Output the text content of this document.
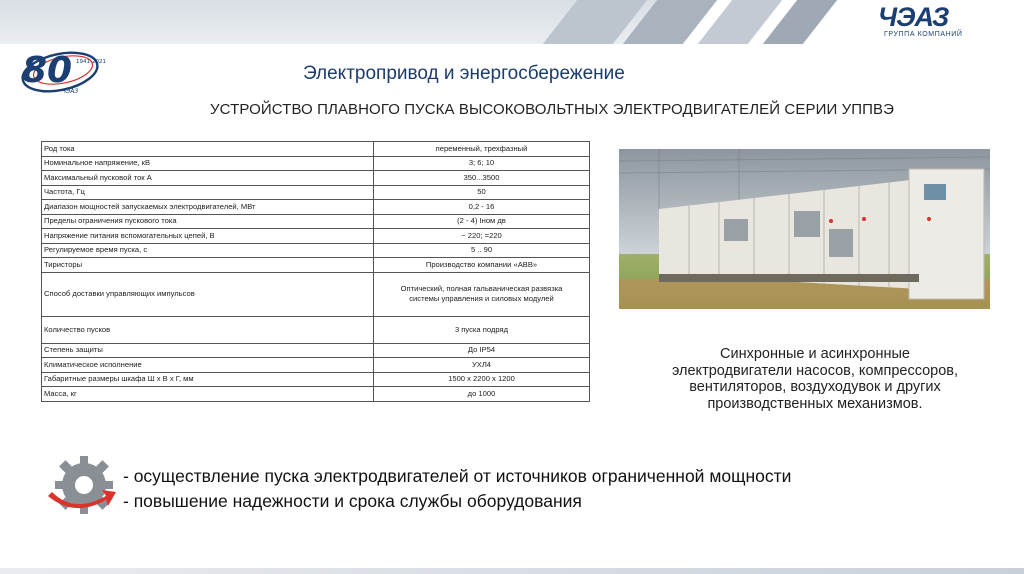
ЧЭАЗ
ГРУППА КОМПАНИЙ
80 1941-2021
ЧЭАЗ
Электропривод и энергосбережение
УСТРОЙСТВО ПЛАВНОГО ПУСКА ВЫСОКОВОЛЬТНЫХ ЭЛЕКТРОДВИГАТЕЛЕЙ СЕРИИ УППВЭ
Род тока	переменный, трехфазный

Номинальное напряжение, кВ	3; 6; 10

Максимальный пусковой ток А	350...3500

Частота, Гц	50

Диапазон мощностей запускаемых электродвигателей, МВт	0,2 - 16

Пределы ограничения пускового тока	(2 - 4) Iном дв

Напряжение питания вспомогательных цепей, В	~ 220; =220

Регулируемое время пуска, с	5 .. 90

Тиристоры	Производство компании «ABB»

Способ доставки управляющих импульсов	Оптический, полная гальваническая развязка
системы управления и силовых модулей

Количество пусков	3 пуска подряд

Степень защиты	До IP54

Климатическое исполнение	УХЛ4

Габаритные размеры шкафа Ш х В х Г, мм	1500 х 2200 х 1200

Масса, кг	до 1000
Синхронные и асинхронные
электродвигатели насосов, компрессоров,
вентиляторов, воздуходувок и других
производственных механизмов.
- осуществление пуска электродвигателей от источников ограниченной мощности
- повышение надежности и срока службы оборудования
